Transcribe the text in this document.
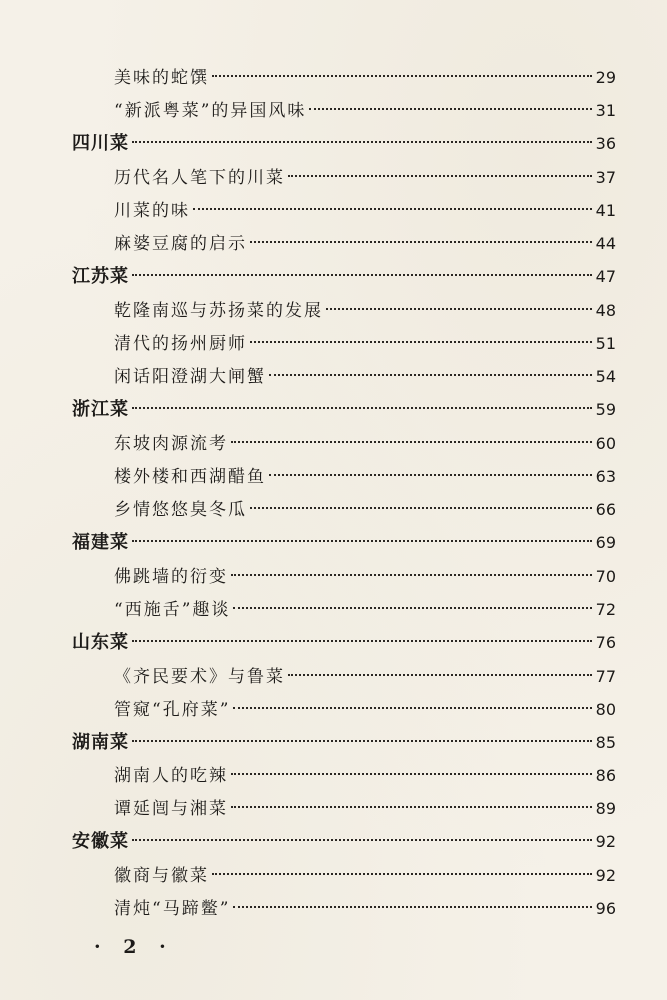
美味的蛇馔	29
“新派粤菜”的异国风味	31
四川菜	36
历代名人笔下的川菜	37
川菜的味	41
麻婆豆腐的启示	44
江苏菜	47
乾隆南巡与苏扬菜的发展	48
清代的扬州厨师	51
闲话阳澄湖大闸蟹	54
浙江菜	59
东坡肉源流考	60
楼外楼和西湖醋鱼	63
乡情悠悠臭冬瓜	66
福建菜	69
佛跳墙的衍变	70
“西施舌”趣谈	72
山东菜	76
《齐民要术》与鲁菜	77
管窥“孔府菜”	80
湖南菜	85
湖南人的吃辣	86
谭延闿与湘菜	89
安徽菜	92
徽商与徽菜	92
清炖“马蹄鳖”	96
· 2 ·
